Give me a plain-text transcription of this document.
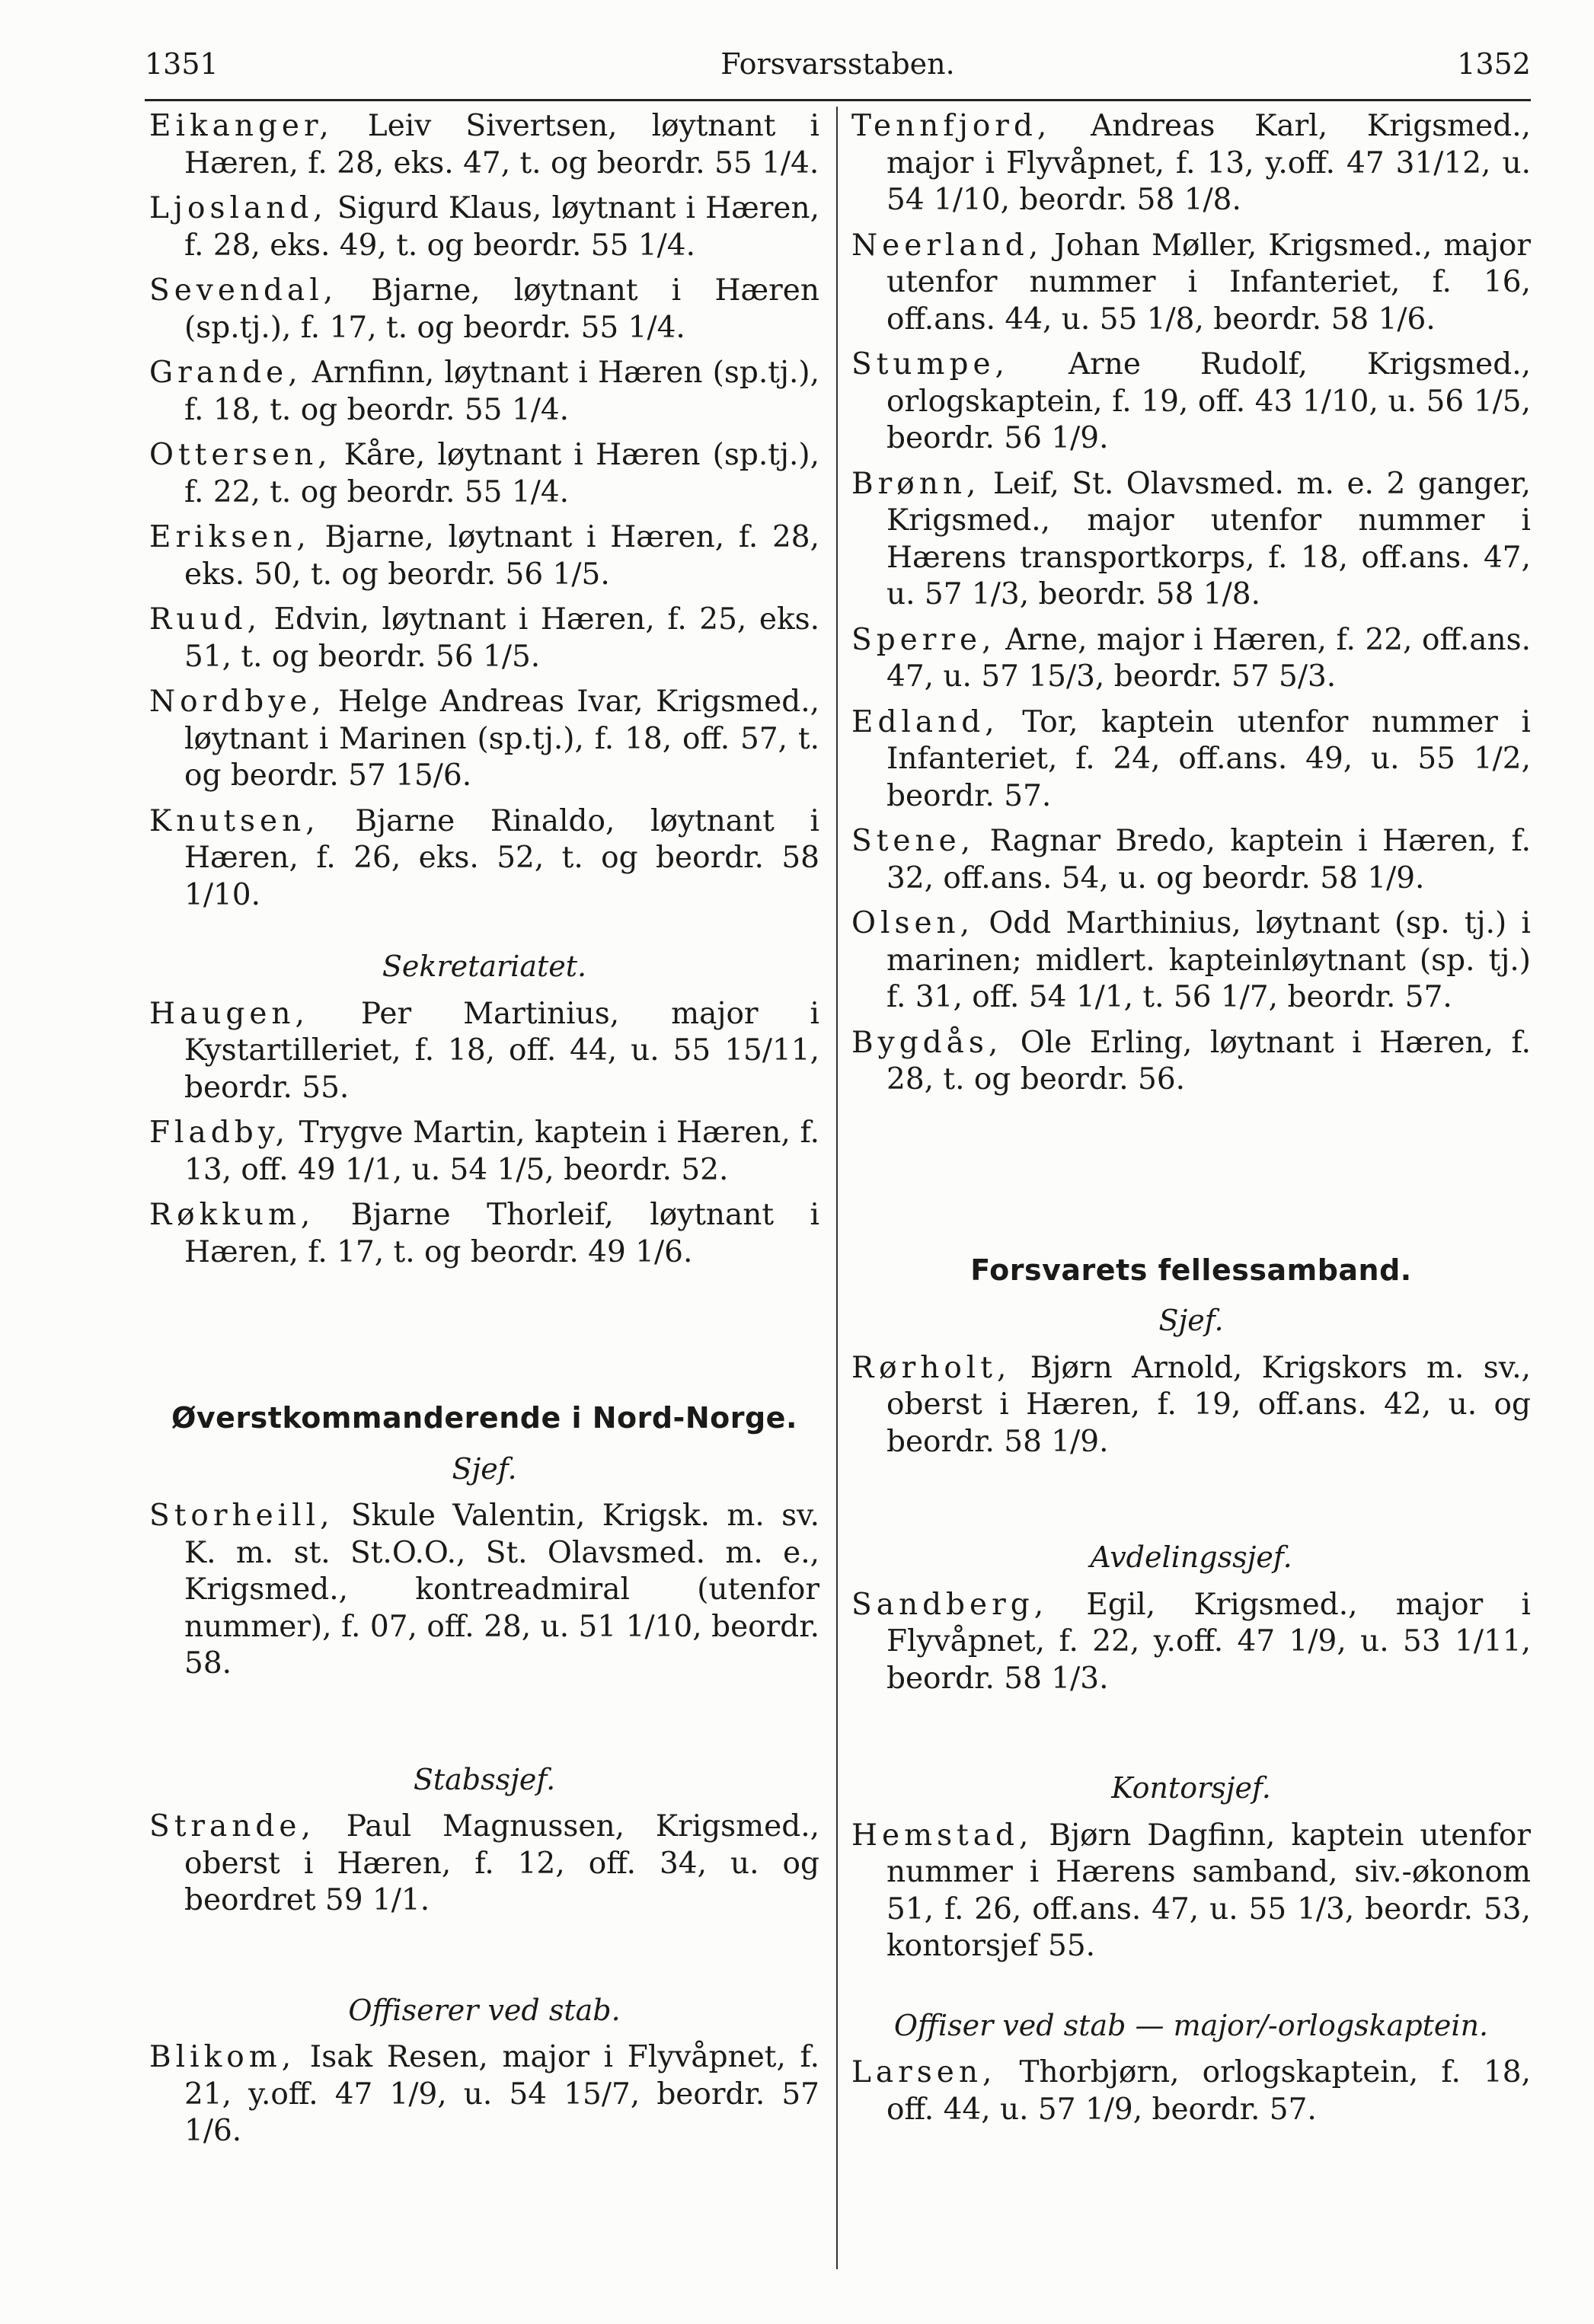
1351	Forsvarsstaben.	1352

Eikanger, Leiv Sivertsen, løytnant i Hæren, f. 28, eks. 47, t. og beordr. 55 1/4.

Ljosland, Sigurd Klaus, løytnant i Hæren, f. 28, eks. 49, t. og beordr. 55 1/4.

Sevendal, Bjarne, løytnant i Hæren (sp.tj.), f. 17, t. og beordr. 55 1/4.

Grande, Arnfinn, løytnant i Hæren (sp.tj.), f. 18, t. og beordr. 55 1/4.

Ottersen, Kåre, løytnant i Hæren (sp.tj.), f. 22, t. og beordr. 55 1/4.

Eriksen, Bjarne, løytnant i Hæren, f. 28, eks. 50, t. og beordr. 56 1/5.

Ruud, Edvin, løytnant i Hæren, f. 25, eks. 51, t. og beordr. 56 1/5.

Nordbye, Helge Andreas Ivar, Krigsmed., løytnant i Marinen (sp.tj.), f. 18, off. 57, t. og beordr. 57 15/6.

Knutsen, Bjarne Rinaldo, løytnant i Hæren, f. 26, eks. 52, t. og beordr. 58 1/10.

Sekretariatet.

Haugen, Per Martinius, major i Kystartilleriet, f. 18, off. 44, u. 55 15/11, beordr. 55.

Fladby, Trygve Martin, kaptein i Hæren, f. 13, off. 49 1/1, u. 54 1/5, beordr. 52.

Røkkum, Bjarne Thorleif, løytnant i Hæren, f. 17, t. og beordr. 49 1/6.

Øverstkommanderende i Nord-Norge.
Sjef.

Storheill, Skule Valentin, Krigsk. m. sv. K. m. st. St.O.O., St. Olavsmed. m. e., Krigsmed., kontreadmiral (utenfor nummer), f. 07, off. 28, u. 51 1/10, beordr. 58.

Stabssjef.

Strande, Paul Magnussen, Krigsmed., oberst i Hæren, f. 12, off. 34, u. og beordret 59 1/1.

Offiserer ved stab.

Blikom, Isak Resen, major i Flyvåpnet, f. 21, y.off. 47 1/9, u. 54 15/7, beordr. 57 1/6.

Tennfjord, Andreas Karl, Krigsmed., major i Flyvåpnet, f. 13, y.off. 47 31/12, u. 54 1/10, beordr. 58 1/8.

Neerland, Johan Møller, Krigsmed., major utenfor nummer i Infanteriet, f. 16, off.ans. 44, u. 55 1/8, beordr. 58 1/6.

Stumpe, Arne Rudolf, Krigsmed., orlogskaptein, f. 19, off. 43 1/10, u. 56 1/5, beordr. 56 1/9.

Brønn, Leif, St. Olavsmed. m. e. 2 ganger, Krigsmed., major utenfor nummer i Hærens transportkorps, f. 18, off.ans. 47, u. 57 1/3, beordr. 58 1/8.

Sperre, Arne, major i Hæren, f. 22, off.ans. 47, u. 57 15/3, beordr. 57 5/3.

Edland, Tor, kaptein utenfor nummer i Infanteriet, f. 24, off.ans. 49, u. 55 1/2, beordr. 57.

Stene, Ragnar Bredo, kaptein i Hæren, f. 32, off.ans. 54, u. og beordr. 58 1/9.

Olsen, Odd Marthinius, løytnant (sp. tj.) i marinen; midlert. kapteinløytnant (sp. tj.) f. 31, off. 54 1/1, t. 56 1/7, beordr. 57.

Bygdås, Ole Erling, løytnant i Hæren, f. 28, t. og beordr. 56.

Forsvarets fellessamband.
Sjef.

Rørholt, Bjørn Arnold, Krigskors m. sv., oberst i Hæren, f. 19, off.ans. 42, u. og beordr. 58 1/9.

Avdelingssjef.

Sandberg, Egil, Krigsmed., major i Flyvåpnet, f. 22, y.off. 47 1/9, u. 53 1/11, beordr. 58 1/3.

Kontorsjef.

Hemstad, Bjørn Dagfinn, kaptein utenfor nummer i Hærens samband, siv.-økonom 51, f. 26, off.ans. 47, u. 55 1/3, beordr. 53, kontorsjef 55.

Offiser ved stab — major/-orlogskaptein.

Larsen, Thorbjørn, orlogskaptein, f. 18, off. 44, u. 57 1/9, beordr. 57.
